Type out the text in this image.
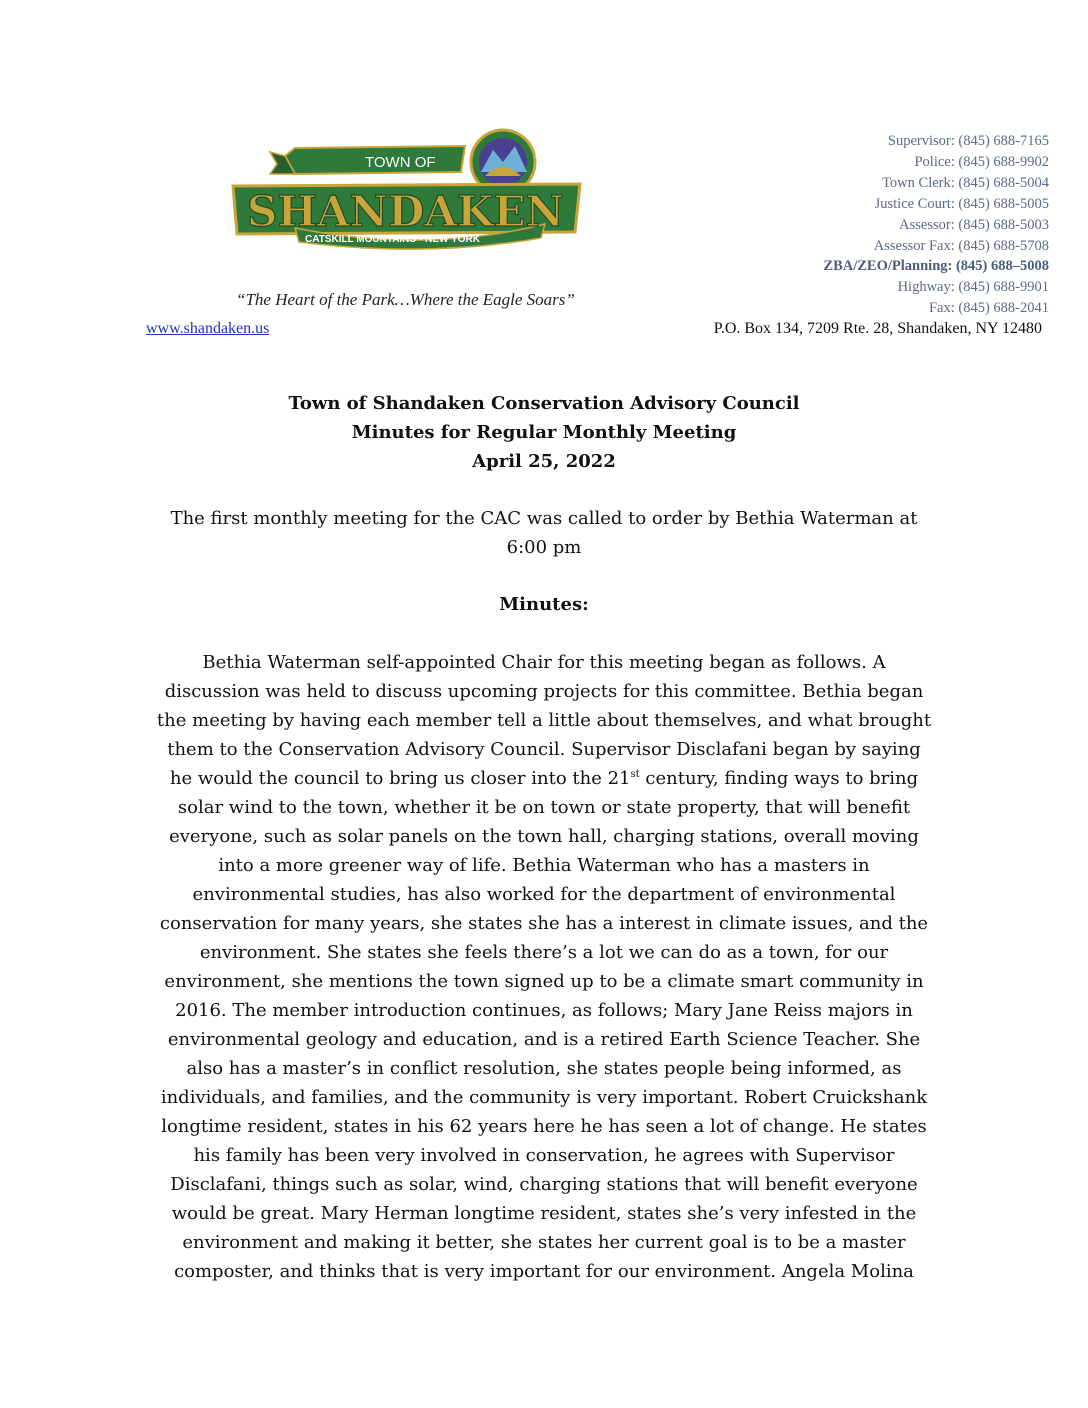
TOWN OF	Est. 1804
SHANDAKEN
CATSKILL MOUNTAINS • NEW YORK
Supervisor: (845) 688-7165
Police: (845) 688-9902
Town Clerk: (845) 688-5004
Justice Court: (845) 688-5005
Assessor: (845) 688-5003
Assessor Fax: (845) 688-5708
ZBA/ZEO/Planning: (845) 688–5008
Highway: (845) 688-9901
Fax: (845) 688-2041
“The Heart of the Park…Where the Eagle Soars”
www.shandaken.us	P.O. Box 134, 7209 Rte. 28, Shandaken, NY 12480
Town of Shandaken Conservation Advisory Council
Minutes for Regular Monthly Meeting
April 25, 2022
The first monthly meeting for the CAC was called to order by Bethia Waterman at
6:00 pm
Minutes:
Bethia Waterman self-appointed Chair for this meeting began as follows. A
discussion was held to discuss upcoming projects for this committee. Bethia began
the meeting by having each member tell a little about themselves, and what brought
them to the Conservation Advisory Council. Supervisor Disclafani began by saying
he would the council to bring us closer into the 21st century, finding ways to bring
solar wind to the town, whether it be on town or state property, that will benefit
everyone, such as solar panels on the town hall, charging stations, overall moving
into a more greener way of life. Bethia Waterman who has a masters in
environmental studies, has also worked for the department of environmental
conservation for many years, she states she has a interest in climate issues, and the
environment. She states she feels there’s a lot we can do as a town, for our
environment, she mentions the town signed up to be a climate smart community in
2016. The member introduction continues, as follows; Mary Jane Reiss majors in
environmental geology and education, and is a retired Earth Science Teacher. She
also has a master’s in conflict resolution, she states people being informed, as
individuals, and families, and the community is very important. Robert Cruickshank
longtime resident, states in his 62 years here he has seen a lot of change. He states
his family has been very involved in conservation, he agrees with Supervisor
Disclafani, things such as solar, wind, charging stations that will benefit everyone
would be great. Mary Herman longtime resident, states she’s very infested in the
environment and making it better, she states her current goal is to be a master
composter, and thinks that is very important for our environment. Angela Molina
